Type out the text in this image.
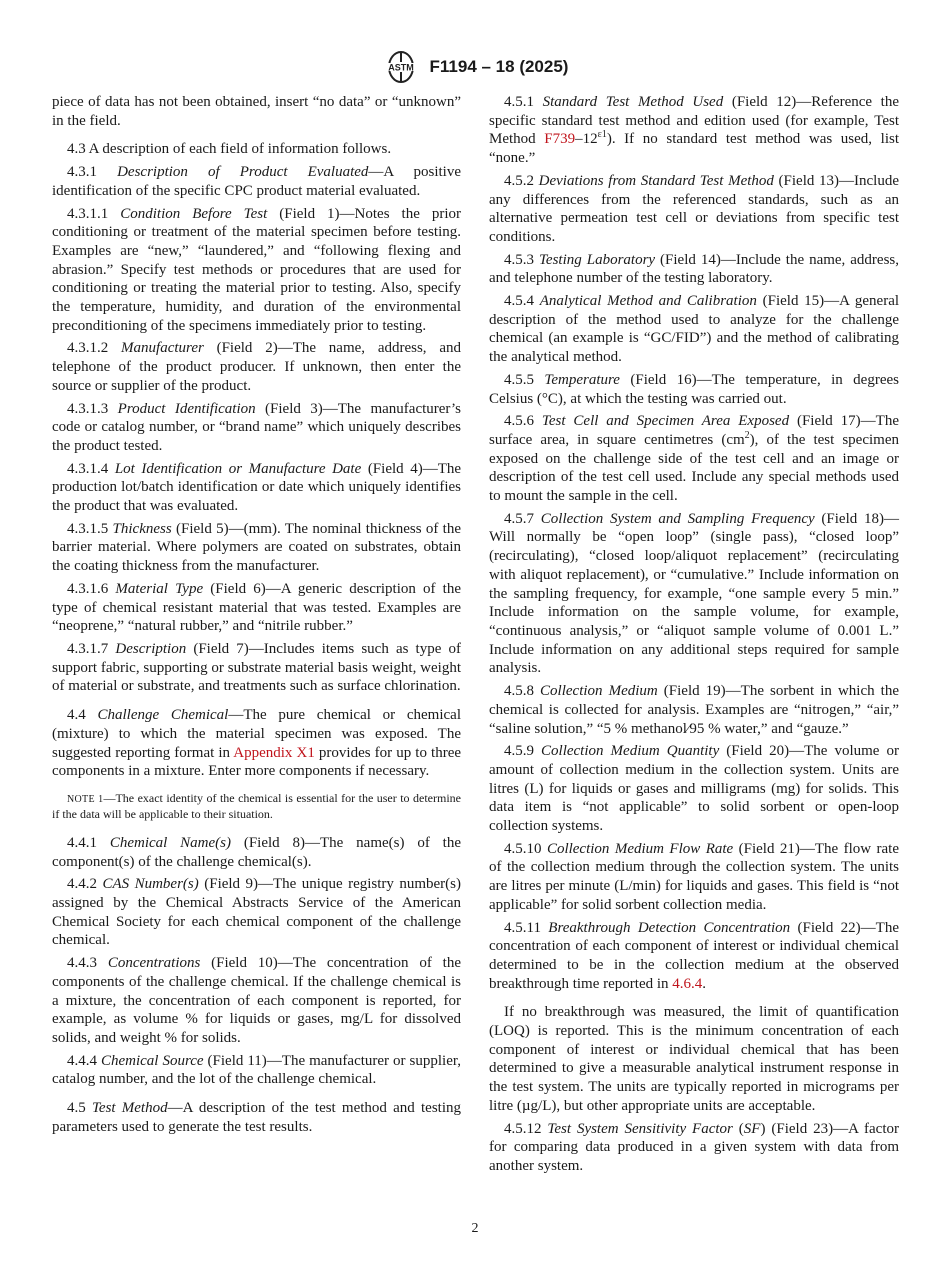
ASTM F1194 – 18 (2025)

piece of data has not been obtained, insert “no data” or “unknown” in the field.

4.3 A description of each field of information follows.

4.3.1 Description of Product Evaluated—A positive identification of the specific CPC product material evaluated.

4.3.1.1 Condition Before Test (Field 1)—Notes the prior conditioning or treatment of the material specimen before testing. Examples are “new,” “laundered,” and “following flexing and abrasion.” Specify test methods or procedures that are used for conditioning or treating the material prior to testing. Also, specify the temperature, humidity, and duration of the environmental preconditioning of the specimens immediately prior to testing.

4.3.1.2 Manufacturer (Field 2)—The name, address, and telephone of the product producer. If unknown, then enter the source or supplier of the product.

4.3.1.3 Product Identification (Field 3)—The manufacturer’s code or catalog number, or “brand name” which uniquely describes the product tested.

4.3.1.4 Lot Identification or Manufacture Date (Field 4)—The production lot/batch identification or date which uniquely identifies the product that was evaluated.

4.3.1.5 Thickness (Field 5)—(mm). The nominal thickness of the barrier material. Where polymers are coated on substrates, obtain the coating thickness from the manufacturer.

4.3.1.6 Material Type (Field 6)—A generic description of the type of chemical resistant material that was tested. Examples are “neoprene,” “natural rubber,” and “nitrile rubber.”

4.3.1.7 Description (Field 7)—Includes items such as type of support fabric, supporting or substrate material basis weight, weight of material or substrate, and treatments such as surface chlorination.

4.4 Challenge Chemical—The pure chemical or chemical (mixture) to which the material specimen was exposed. The suggested reporting format in Appendix X1 provides for up to three components in a mixture. Enter more components if necessary.

NOTE 1—The exact identity of the chemical is essential for the user to determine if the data will be applicable to their situation.

4.4.1 Chemical Name(s) (Field 8)—The name(s) of the component(s) of the challenge chemical(s).

4.4.2 CAS Number(s) (Field 9)—The unique registry number(s) assigned by the Chemical Abstracts Service of the American Chemical Society for each chemical component of the challenge chemical.

4.4.3 Concentrations (Field 10)—The concentration of the components of the challenge chemical. If the challenge chemical is a mixture, the concentration of each component is reported, for example, as volume % for liquids or gases, mg/L for dissolved solids, and weight % for solids.

4.4.4 Chemical Source (Field 11)—The manufacturer or supplier, catalog number, and the lot of the challenge chemical.

4.5 Test Method—A description of the test method and testing parameters used to generate the test results.

4.5.1 Standard Test Method Used (Field 12)—Reference the specific standard test method and edition used (for example, Test Method $F739-12^{\varepsilon 1}$). If no standard test method was used, list “none.”

4.5.2 Deviations from Standard Test Method (Field 13)—Include any differences from the referenced standards, such as an alternative permeation test cell or deviations from specific test conditions.

4.5.3 Testing Laboratory (Field 14)—Include the name, address, and telephone number of the testing laboratory.

4.5.4 Analytical Method and Calibration (Field 15)—A general description of the method used to analyze for the challenge chemical (an example is “GC/FID”) and the method of calibrating the analytical method.

4.5.5 Temperature (Field 16)—The temperature, in degrees Celsius (°C), at which the testing was carried out.

4.5.6 Test Cell and Specimen Area Exposed (Field 17)—The surface area, in square centimetres $(cm^2)$, of the test specimen exposed on the challenge side of the test cell and an image or description of the test cell used. Include any special methods used to mount the sample in the cell.

4.5.7 Collection System and Sampling Frequency (Field 18)—Will normally be “open loop” (single pass), “closed loop” (recirculating), “closed loop/aliquot replacement” (recirculating with aliquot replacement), or “cumulative.” Include information on the sampling frequency, for example, “one sample every 5 min.” Include information on the sample volume, for example, “continuous analysis,” or “aliquot sample volume of 0.001 L.” Include information on any additional steps required for sample analysis.

4.5.8 Collection Medium (Field 19)—The sorbent in which the chemical is collected for analysis. Examples are “nitrogen,” “air,” “saline solution,” “5 % methanol⁄95 % water,” and “gauze.”

4.5.9 Collection Medium Quantity (Field 20)—The volume or amount of collection medium in the collection system. Units are litres (L) for liquids or gases and milligrams (mg) for solids. This data item is “not applicable” to solid sorbent or open-loop collection systems.

4.5.10 Collection Medium Flow Rate (Field 21)—The flow rate of the collection medium through the collection system. The units are litres per minute (L/min) for liquids and gases. This field is “not applicable” for solid sorbent collection media.

4.5.11 Breakthrough Detection Concentration (Field 22)—The concentration of each component of interest or individual chemical determined to be in the collection medium at the observed breakthrough time reported in 4.6.4.

If no breakthrough was measured, the limit of quantification (LOQ) is reported. This is the minimum concentration of each component of interest or individual chemical that has been determined to give a measurable analytical instrument response in the test system. The units are typically reported in micrograms per litre (µg/L), but other appropriate units are acceptable.

4.5.12 Test System Sensitivity Factor (SF) (Field 23)—A factor for comparing data produced in a given system with data from another system.

2
